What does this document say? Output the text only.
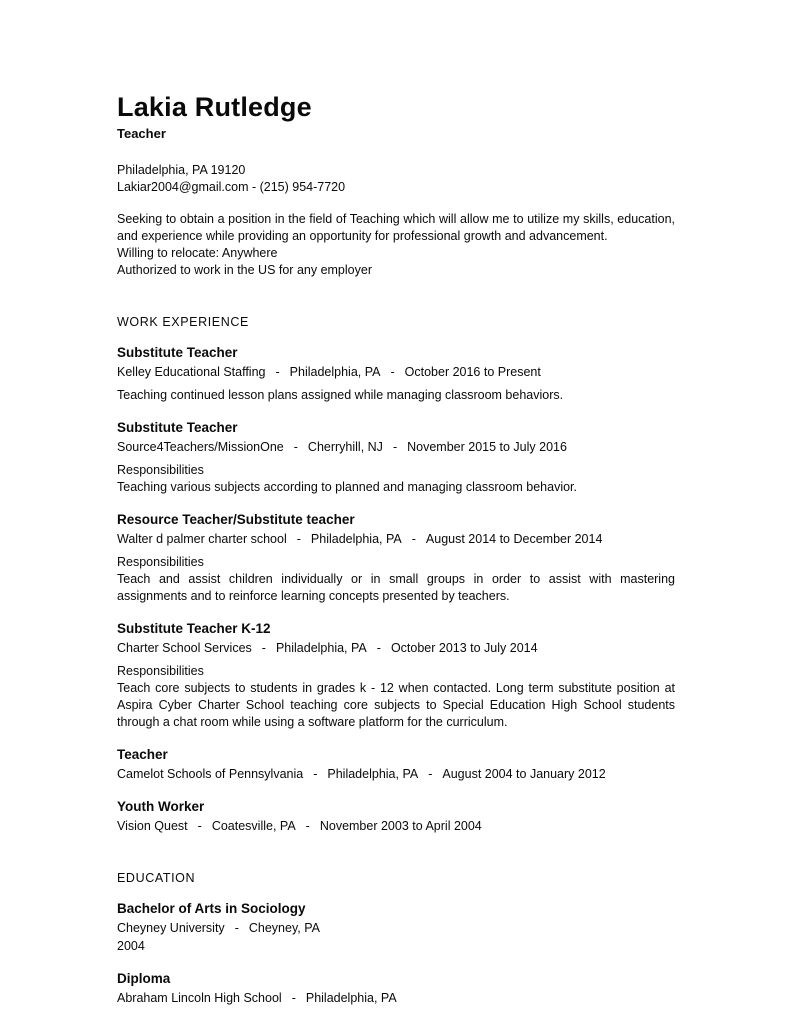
Lakia Rutledge
Teacher
Philadelphia, PA 19120
Lakiar2004@gmail.com - (215) 954-7720

Seeking to obtain a position in the field of Teaching which will allow me to utilize my skills, education, and experience while providing an opportunity for professional growth and advancement.

Willing to relocate: Anywhere
Authorized to work in the US for any employer
WORK EXPERIENCE
Substitute Teacher
Kelley Educational Staffing - Philadelphia, PA - October 2016 to Present

Teaching continued lesson plans assigned while managing classroom behaviors.

Substitute Teacher
Source4Teachers/MissionOne - Cherryhill, NJ - November 2015 to July 2016
Responsibilities

Teaching various subjects according to planned and managing classroom behavior.

Resource Teacher/Substitute teacher
Walter d palmer charter school - Philadelphia, PA - August 2014 to December 2014
Responsibilities

Teach and assist children individually or in small groups in order to assist with mastering assignments and to reinforce learning concepts presented by teachers.

Substitute Teacher K-12
Charter School Services - Philadelphia, PA - October 2013 to July 2014
Responsibilities

Teach core subjects to students in grades k - 12 when contacted. Long term substitute position at Aspira Cyber Charter School teaching core subjects to Special Education High School students through a chat room while using a software platform for the curriculum.

Teacher
Camelot Schools of Pennsylvania - Philadelphia, PA - August 2004 to January 2012
Youth Worker
Vision Quest - Coatesville, PA - November 2003 to April 2004
EDUCATION
Bachelor of Arts in Sociology
Cheyney University - Cheyney, PA
2004
Diploma
Abraham Lincoln High School - Philadelphia, PA
